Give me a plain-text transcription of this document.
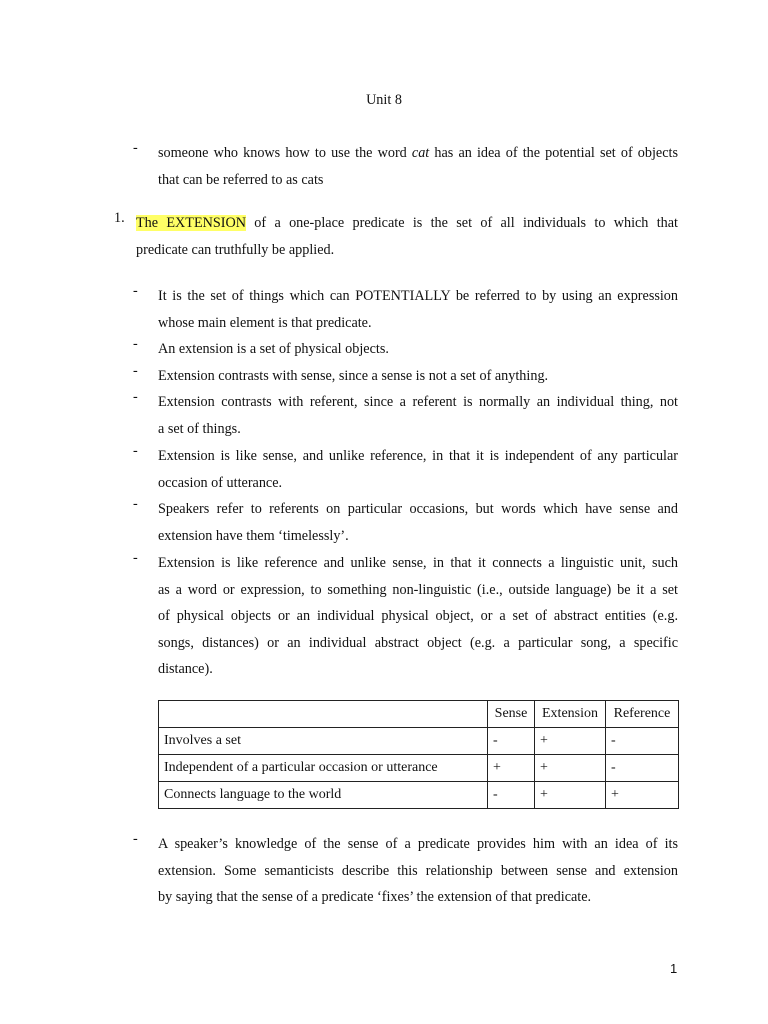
Unit 8
- someone who knows how to use the word cat has an idea of the potential set of objects
that can be referred to as cats
1. The EXTENSION of a one-place predicate is the set of all individuals to which that
predicate can truthfully be applied.
- It is the set of things which can POTENTIALLY be referred to by using an expression
whose main element is that predicate.
- An extension is a set of physical objects.
- Extension contrasts with sense, since a sense is not a set of anything.
- Extension contrasts with referent, since a referent is normally an individual thing, not
a set of things.
- Extension is like sense, and unlike reference, in that it is independent of any particular
occasion of utterance.
- Speakers refer to referents on particular occasions, but words which have sense and
extension have them ‘timelessly’.
- Extension is like reference and unlike sense, in that it connects a linguistic unit, such
as a word or expression, to something non-linguistic (i.e., outside language) be it a set
of physical objects or an individual physical object, or a set of abstract entities (e.g.
songs, distances) or an individual abstract object (e.g. a particular song, a specific
distance).
	Sense	Extension	Reference
Involves a set	-	+	-
Independent of a particular occasion or utterance	+	+	-
Connects language to the world	-	+	+
- A speaker’s knowledge of the sense of a predicate provides him with an idea of its
extension. Some semanticists describe this relationship between sense and extension
by saying that the sense of a predicate ‘fixes’ the extension of that predicate.
1
